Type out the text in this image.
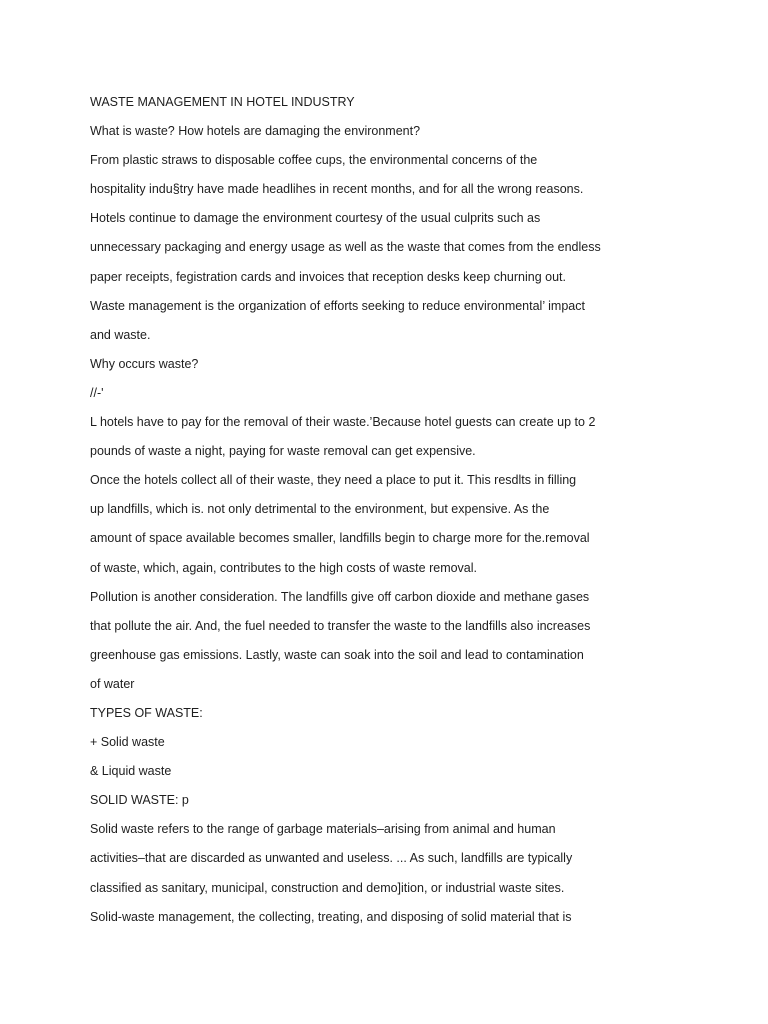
WASTE MANAGEMENT IN HOTEL INDUSTRY
What is waste? How hotels are damaging the environment?
From plastic straws to disposable coffee cups, the environmental concerns of the
hospitality indu§try have made headlihes in recent months, and for all the wrong reasons.
Hotels continue to damage the environment courtesy of the usual culprits such as
unnecessary packaging and energy usage as well as the waste that comes from the endless
paper receipts, fegistration cards and invoices that reception desks keep churning out.
Waste management is the organization of efforts seeking to reduce environmental’ impact
and waste.
Why occurs waste?
//-'
L hotels have to pay for the removal of their waste.’Because hotel guests can create up to 2
pounds of waste a night, paying for waste removal can get expensive.
Once the hotels collect all of their waste, they need a place to put it. This resdlts in filling
up landfills, which is. not only detrimental to the environment, but expensive. As the
amount of space available becomes smaller, landfills begin to charge more for the.removal
of waste, which, again, contributes to the high costs of waste removal.
Pollution is another consideration. The landfills give off carbon dioxide and methane gases
that pollute the air. And, the fuel needed to transfer the waste to the landfills also increases
greenhouse gas emissions. Lastly, waste can soak into the soil and lead to contamination
of water
TYPES OF WASTE:
+ Solid waste
& Liquid waste
SOLID WASTE: p
Solid waste refers to the range of garbage materials–arising from animal and human
activities–that are discarded as unwanted and useless. ... As such, landfills are typically
classified as sanitary, municipal, construction and demo]ition, or industrial waste sites.
Solid-waste management, the collecting, treating, and disposing of solid material that is
